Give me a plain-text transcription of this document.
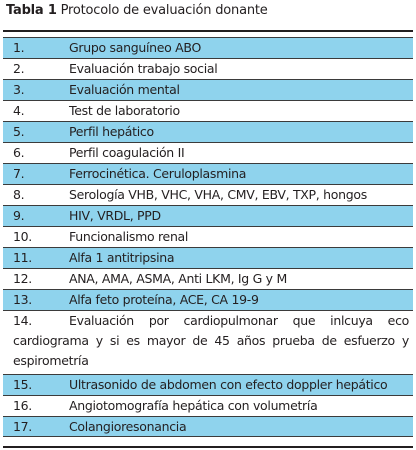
Tabla 1 Protocolo de evaluación donante
1.	Grupo sanguíneo ABO
2.	Evaluación trabajo social
3.	Evaluación mental
4.	Test de laboratorio
5.	Perfil hepático
6.	Perfil coagulación II
7.	Ferrocinética. Ceruloplasmina
8.	Serología VHB, VHC, VHA, CMV, EBV, TXP, hongos
9.	HIV, VRDL, PPD
10.	Funcionalismo renal
11.	Alfa 1 antitripsina
12.	ANA, AMA, ASMA, Anti LKM, Ig G y M
13.	Alfa feto proteína, ACE, CA 19-9
14.	Evaluación por cardiopulmonar que inlcuya eco cardiograma y si es mayor de 45 años prueba de esfuerzo y espirometría
15.	Ultrasonido de abdomen con efecto doppler hepático
16.	Angiotomografía hepática con volumetría
17.	Colangioresonancia
